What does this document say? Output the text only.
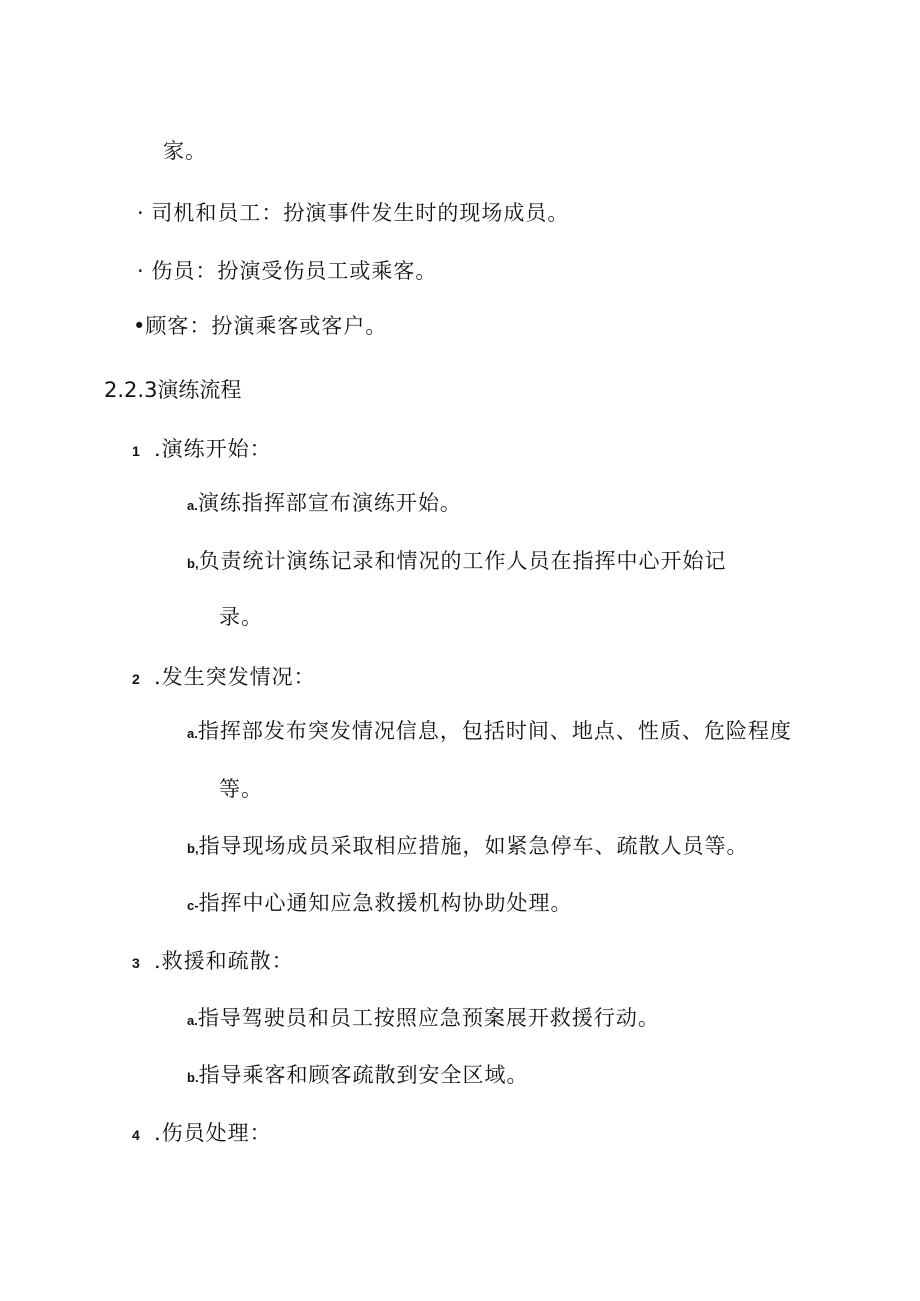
家。
· 司机和员工：扮演事件发生时的现场成员。
· 伤员：扮演受伤员工或乘客。
•顾客：扮演乘客或客户。
2.2.3演练流程
1 .演练开始：
a.演练指挥部宣布演练开始。
b,负责统计演练记录和情况的工作人员在指挥中心开始记
录。
2 .发生突发情况：
a.指挥部发布突发情况信息，包括时间、地点、性质、危险程度
等。
b,指导现场成员采取相应措施，如紧急停车、疏散人员等。
c-指挥中心通知应急救援机构协助处理。
3 .救援和疏散：
a.指导驾驶员和员工按照应急预案展开救援行动。
b.指导乘客和顾客疏散到安全区域。
4 .伤员处理：
